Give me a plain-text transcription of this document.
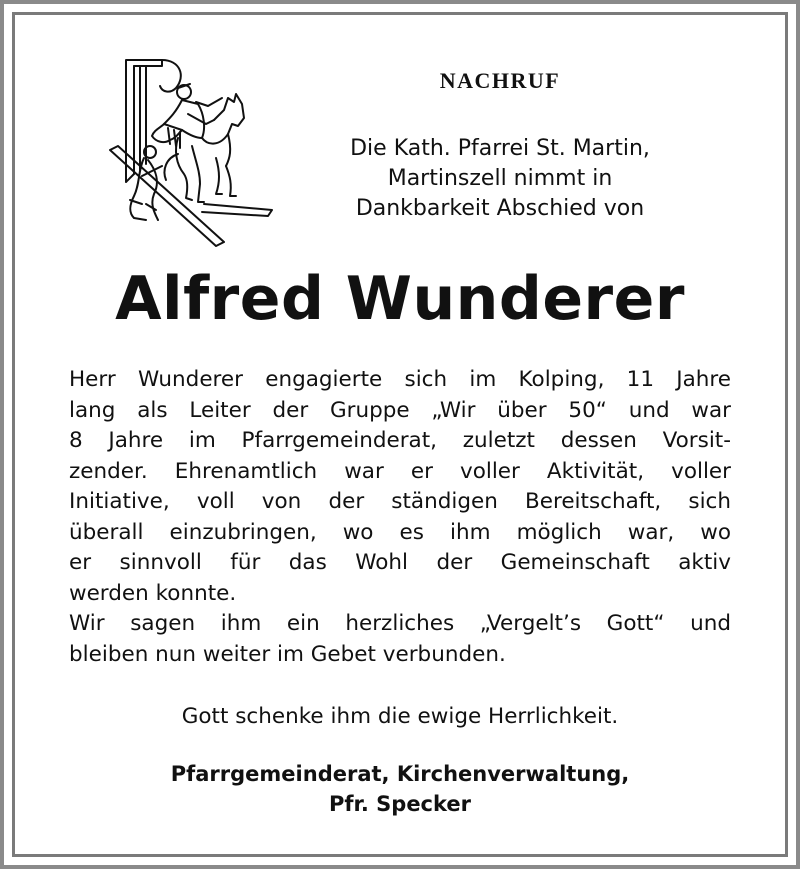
NACHRUF
Die Kath. Pfarrei St. Martin,
Martinszell nimmt in
Dankbarkeit Abschied von
Alfred Wunderer
Herr Wunderer engagierte sich im Kolping, 11 Jahre
lang als Leiter der Gruppe „Wir über 50“ und war
8 Jahre im Pfarrgemeinderat, zuletzt dessen Vorsit-
zender. Ehrenamtlich war er voller Aktivität, voller
Initiative, voll von der ständigen Bereitschaft, sich
überall einzubringen, wo es ihm möglich war, wo
er sinnvoll für das Wohl der Gemeinschaft aktiv
werden konnte.
Wir sagen ihm ein herzliches „Vergelt’s Gott“ und
bleiben nun weiter im Gebet verbunden.
Gott schenke ihm die ewige Herrlichkeit.
Pfarrgemeinderat, Kirchenverwaltung,
Pfr. Specker
